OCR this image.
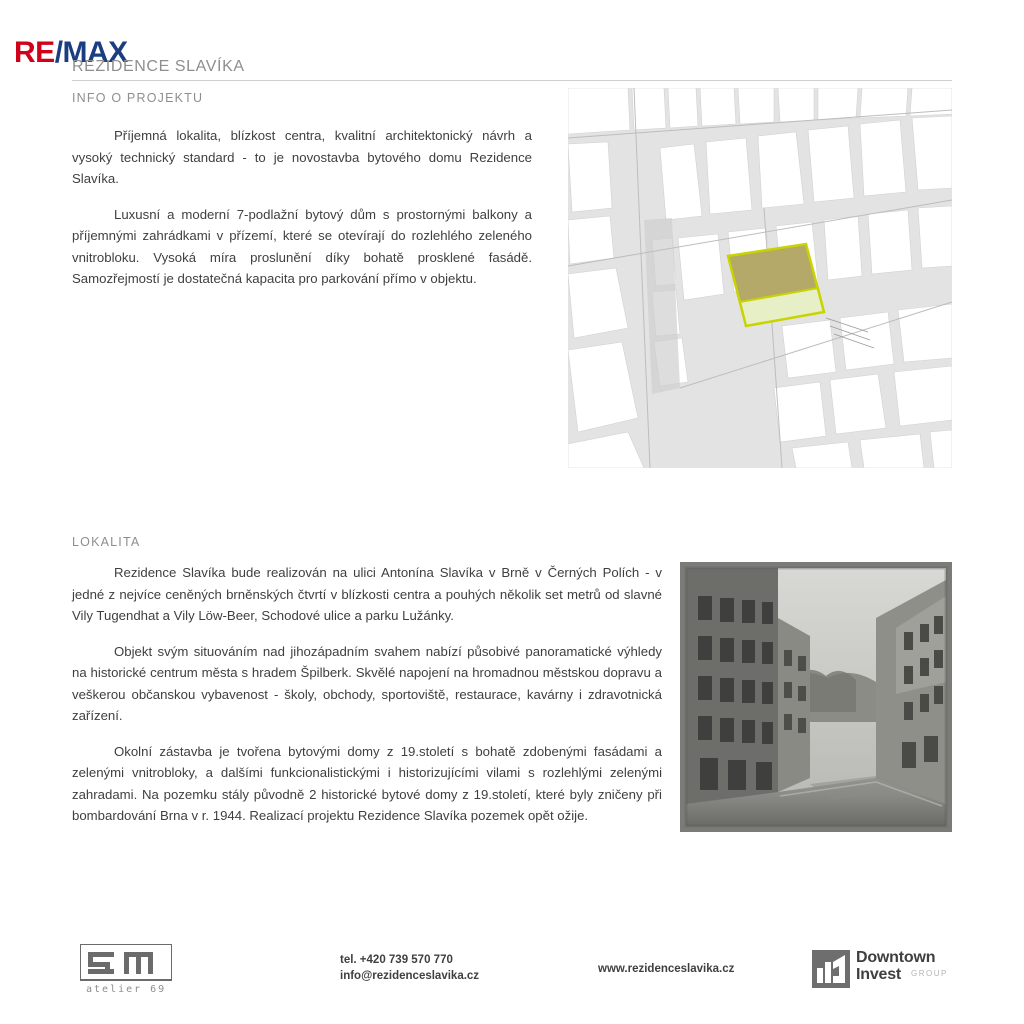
RE/MAX
REZIDENCE SLAVÍKA
INFO O PROJEKTU

Příjemná lokalita, blízkost centra, kvalitní architektonický návrh a vysoký technický standard - to je novostavba bytového domu Rezidence Slavíka.

Luxusní a moderní 7-podlažní bytový dům s prostornými balkony a příjemnými zahrádkami v přízemí, které se otevírají do rozlehlého zeleného vnitrobloku. Vysoká míra proslunění díky bohatě prosklené fasádě. Samozřejmostí je dostatečná kapacita pro parkování přímo v objektu.

LOKALITA

Rezidence Slavíka bude realizován na ulici Antonína Slavíka v Brně v Černých Polích - v jedné z nejvíce ceněných brněnských čtvrtí v blízkosti centra a pouhých několik set metrů od slavné Vily Tugendhat a Vily Löw-Beer, Schodové ulice a parku Lužánky.

Objekt svým situováním nad jihozápadním svahem nabízí působivé panoramatické výhledy na historické centrum města s hradem Špilberk. Skvělé napojení na hromadnou městskou dopravu a veškerou občanskou vybavenost - školy, obchody, sportoviště, restaurace, kavárny i zdravotnická zařízení.

Okolní zástavba je tvořena bytovými domy z 19.století s bohatě zdobenými fasádami a zelenými vnitrobloky, a dalšími funkcionalistickými i historizujícími vilami s rozlehlými zelenými zahradami. Na pozemku stály původně 2 historické bytové domy z 19.století, které byly zničeny při bombardování Brna v r. 1944. Realizací projektu Rezidence Slavíka pozemek opět ožije.

atelier 69
tel. +420 739 570 770
info@rezidenceslavika.cz
www.rezidenceslavika.cz
Downtown
Invest	GROUP
